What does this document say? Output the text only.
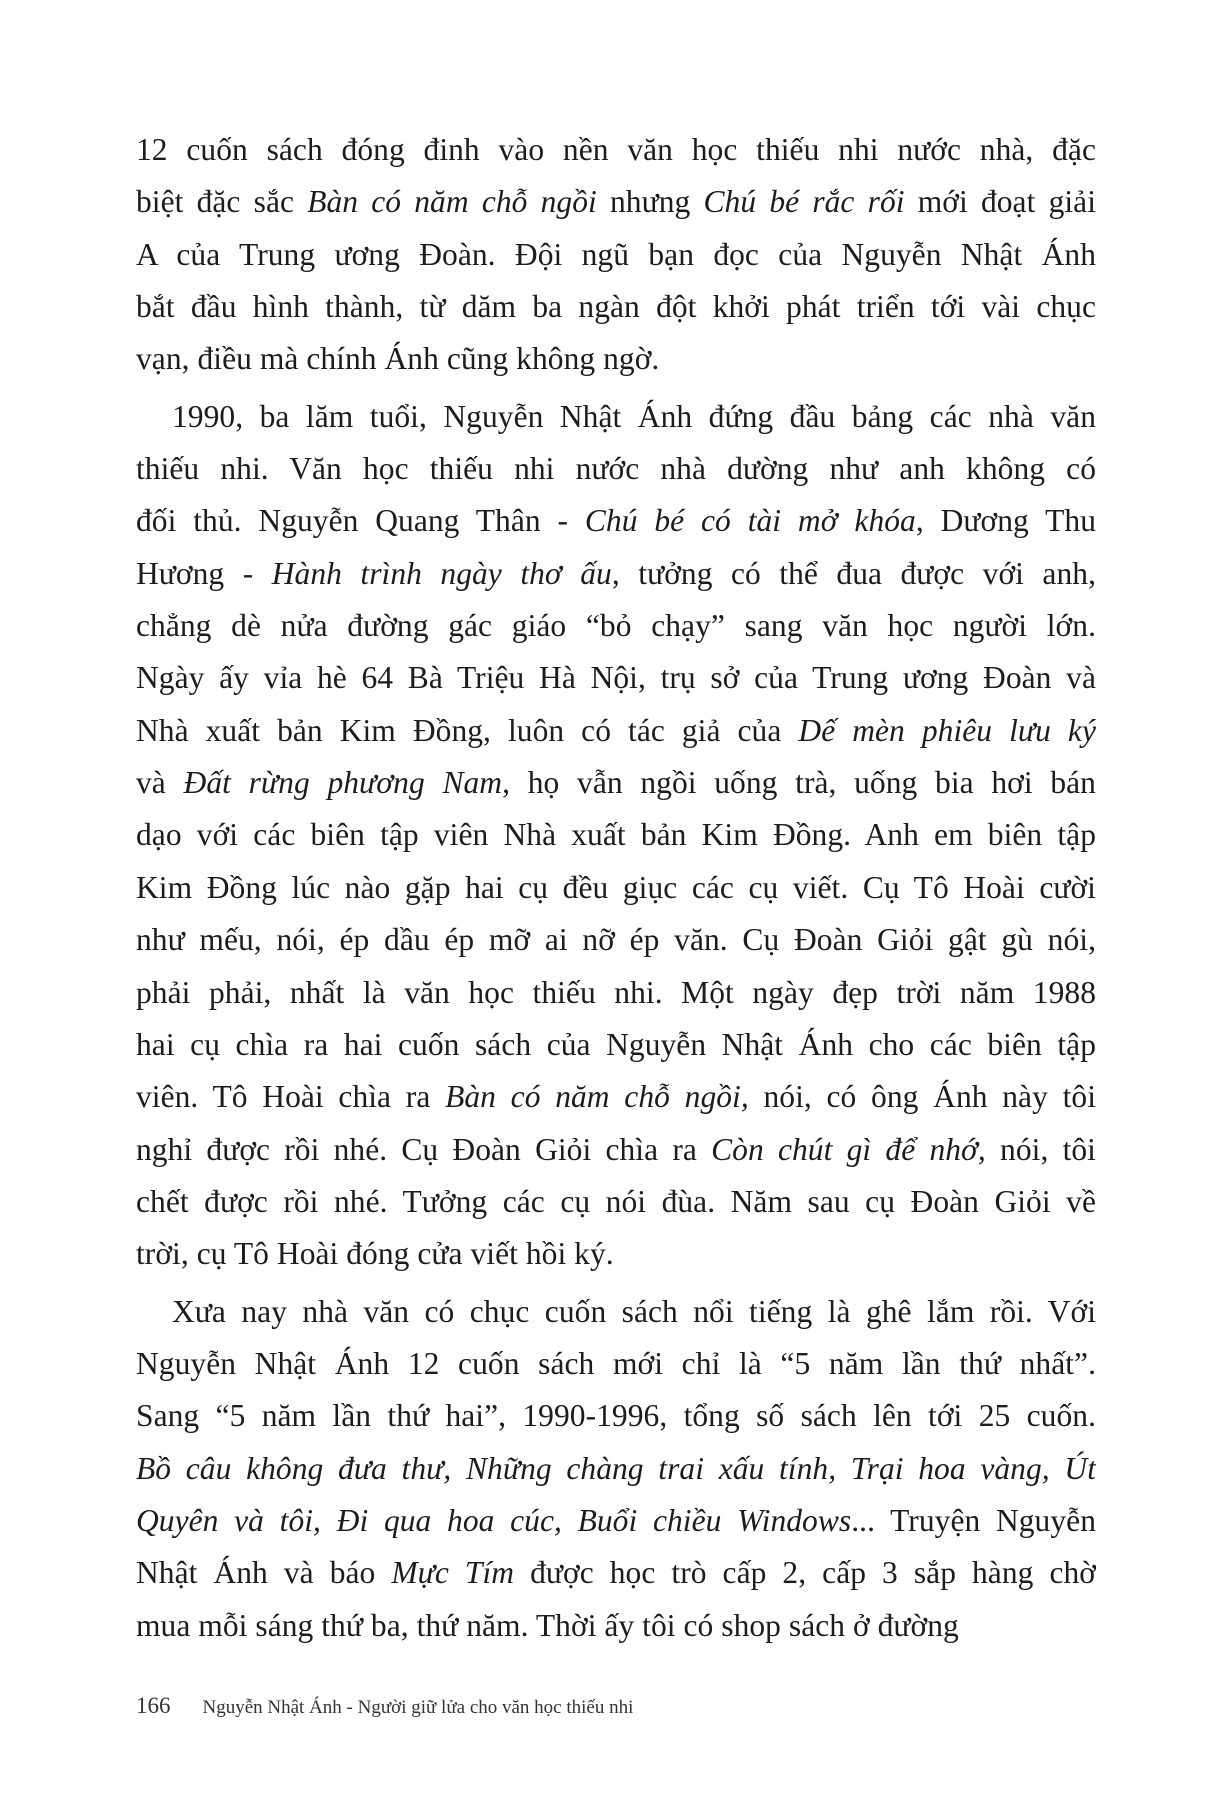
12 cuốn sách đóng đinh vào nền văn học thiếu nhi nước nhà, đặc
biệt đặc sắc Bàn có năm chỗ ngồi nhưng Chú bé rắc rối mới đoạt giải
A của Trung ương Đoàn. Đội ngũ bạn đọc của Nguyễn Nhật Ánh
bắt đầu hình thành, từ dăm ba ngàn đột khởi phát triển tới vài chục
vạn, điều mà chính Ánh cũng không ngờ.
1990, ba lăm tuổi, Nguyễn Nhật Ánh đứng đầu bảng các nhà văn
thiếu nhi. Văn học thiếu nhi nước nhà dường như anh không có
đối thủ. Nguyễn Quang Thân - Chú bé có tài mở khóa, Dương Thu
Hương - Hành trình ngày thơ ấu, tưởng có thể đua được với anh,
chẳng dè nửa đường gác giáo “bỏ chạy” sang văn học người lớn.
Ngày ấy vỉa hè 64 Bà Triệu Hà Nội, trụ sở của Trung ương Đoàn và
Nhà xuất bản Kim Đồng, luôn có tác giả của Dế mèn phiêu lưu ký
và Đất rừng phương Nam, họ vẫn ngồi uống trà, uống bia hơi bán
dạo với các biên tập viên Nhà xuất bản Kim Đồng. Anh em biên tập
Kim Đồng lúc nào gặp hai cụ đều giục các cụ viết. Cụ Tô Hoài cười
như mếu, nói, ép dầu ép mỡ ai nỡ ép văn. Cụ Đoàn Giỏi gật gù nói,
phải phải, nhất là văn học thiếu nhi. Một ngày đẹp trời năm 1988
hai cụ chìa ra hai cuốn sách của Nguyễn Nhật Ánh cho các biên tập
viên. Tô Hoài chìa ra Bàn có năm chỗ ngồi, nói, có ông Ánh này tôi
nghỉ được rồi nhé. Cụ Đoàn Giỏi chìa ra Còn chút gì để nhớ, nói, tôi
chết được rồi nhé. Tưởng các cụ nói đùa. Năm sau cụ Đoàn Giỏi về
trời, cụ Tô Hoài đóng cửa viết hồi ký.
Xưa nay nhà văn có chục cuốn sách nổi tiếng là ghê lắm rồi. Với
Nguyễn Nhật Ánh 12 cuốn sách mới chỉ là “5 năm lần thứ nhất”.
Sang “5 năm lần thứ hai”, 1990-1996, tổng số sách lên tới 25 cuốn.
Bồ câu không đưa thư, Những chàng trai xấu tính, Trại hoa vàng, Út
Quyên và tôi, Đi qua hoa cúc, Buổi chiều Windows... Truyện Nguyễn
Nhật Ánh và báo Mực Tím được học trò cấp 2, cấp 3 sắp hàng chờ
mua mỗi sáng thứ ba, thứ năm. Thời ấy tôi có shop sách ở đường
166 Nguyễn Nhật Ánh - Người giữ lửa cho văn học thiếu nhi
